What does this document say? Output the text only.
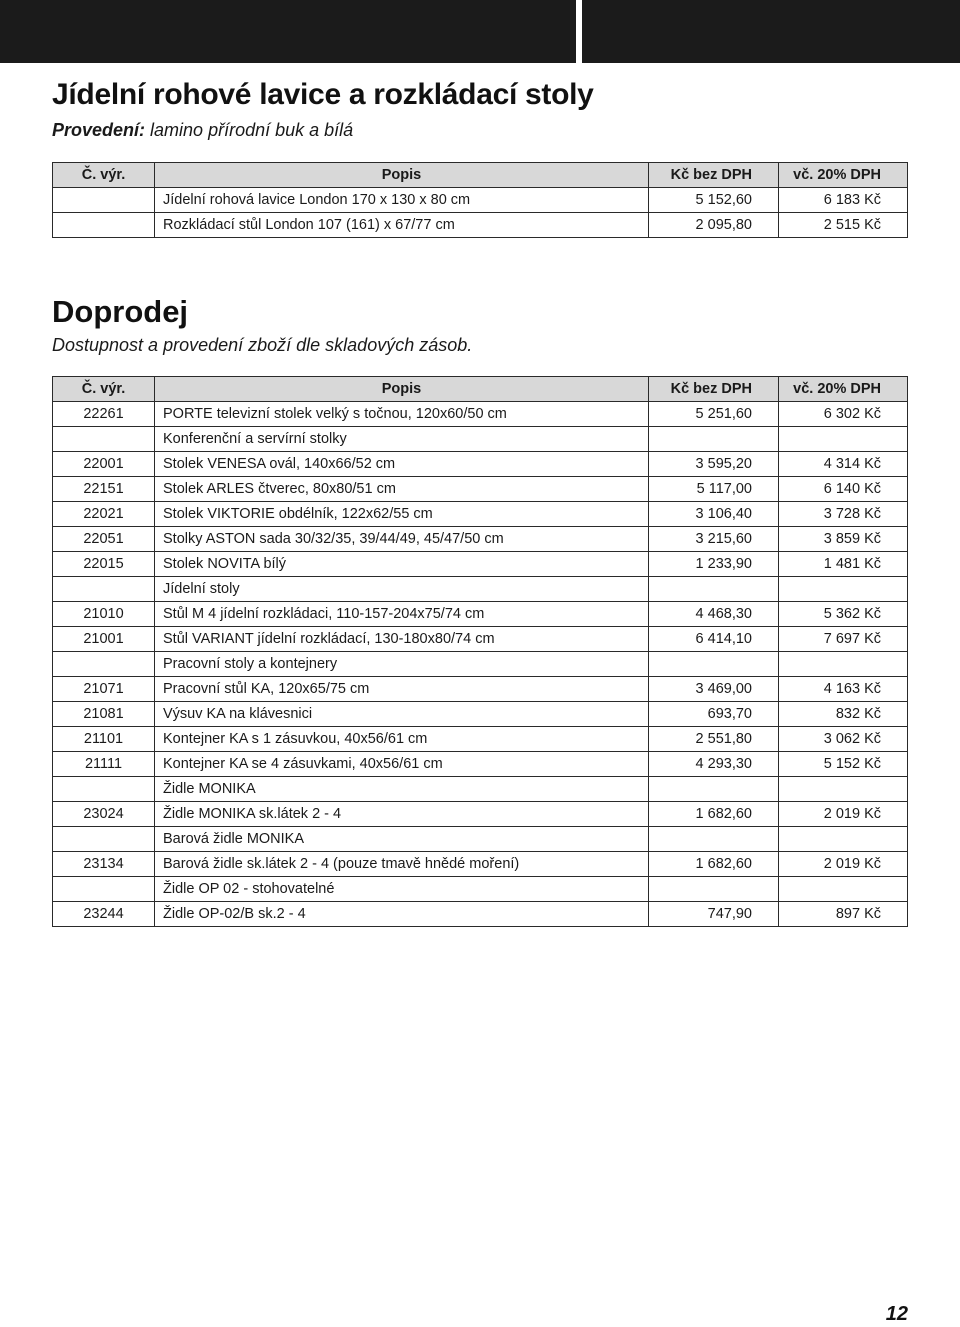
Jídelní rohové lavice a rozkládací stoly

Provedení: lamino přírodní buk a bílá

Č. výr.	Popis	Kč bez DPH	vč. 20% DPH
	Jídelní rohová lavice London 170 x 130 x 80 cm	5 152,60	6 183 Kč
	Rozkládací stůl London 107 (161) x 67/77 cm	2 095,80	2 515 Kč
Doprodej

Dostupnost a provedení zboží dle skladových zásob.

Č. výr.	Popis	Kč bez DPH	vč. 20% DPH
22261	PORTE televizní stolek velký s točnou, 120x60/50 cm	5 251,60	6 302 Kč
	Konferenční a servírní stolky		
22001	Stolek VENESA ovál, 140x66/52 cm	3 595,20	4 314 Kč
22151	Stolek ARLES čtverec, 80x80/51 cm	5 117,00	6 140 Kč
22021	Stolek VIKTORIE obdélník, 122x62/55 cm	3 106,40	3 728 Kč
22051	Stolky ASTON sada 30/32/35, 39/44/49, 45/47/50 cm	3 215,60	3 859 Kč
22015	Stolek NOVITA bílý	1 233,90	1 481 Kč
	Jídelní stoly		
21010	Stůl M 4 jídelní rozkládaci, 110-157-204x75/74 cm	4 468,30	5 362 Kč
21001	Stůl VARIANT jídelní rozkládací, 130-180x80/74 cm	6 414,10	7 697 Kč
	Pracovní stoly a kontejnery		
21071	Pracovní stůl KA, 120x65/75 cm	3 469,00	4 163 Kč
21081	Výsuv KA na klávesnici	693,70	832 Kč
21101	Kontejner KA s 1 zásuvkou, 40x56/61 cm	2 551,80	3 062 Kč
21111	Kontejner KA se 4 zásuvkami, 40x56/61 cm	4 293,30	5 152 Kč
	Židle MONIKA		
23024	Židle MONIKA sk.látek 2 - 4	1 682,60	2 019 Kč
	Barová židle MONIKA		
23134	Barová židle sk.látek 2 - 4 (pouze tmavě hnědé moření)	1 682,60	2 019 Kč
	Židle OP 02 - stohovatelné		
23244	Židle OP-02/B sk.2 - 4	747,90	897 Kč
12
